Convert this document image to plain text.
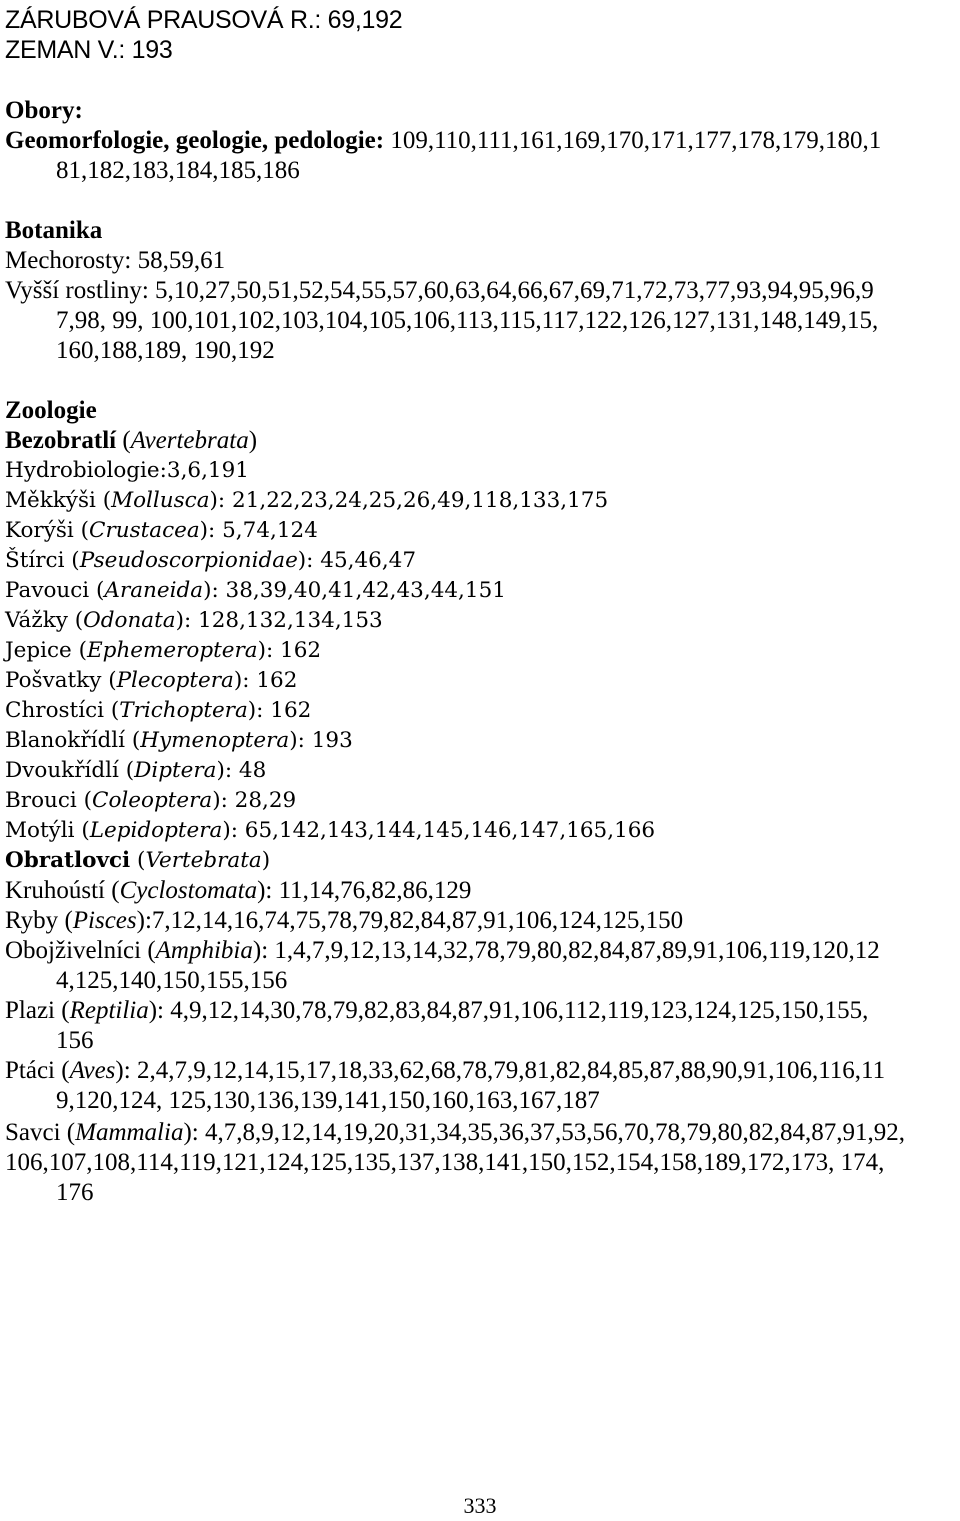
ZÁRUBOVÁ PRAUSOVÁ R.: 69,192
ZEMAN V.: 193
Obory:
Geomorfologie, geologie, pedologie: 109,110,111,161,169,170,171,177,178,179,180,1
81,182,183,184,185,186
Botanika
Mechorosty: 58,59,61
Vyšší rostliny: 5,10,27,50,51,52,54,55,57,60,63,64,66,67,69,71,72,73,77,93,94,95,96,9
7,98, 99, 100,101,102,103,104,105,106,113,115,117,122,126,127,131,148,149,15,
160,188,189, 190,192
Zoologie
Bezobratlí (Avertebrata)
Hydrobiologie:3,6,191
Měkkýši (Mollusca): 21,22,23,24,25,26,49,118,133,175
Korýši (Crustacea): 5,74,124
Štírci (Pseudoscorpionidae): 45,46,47
Pavouci (Araneida): 38,39,40,41,42,43,44,151
Vážky (Odonata): 128,132,134,153
Jepice (Ephemeroptera): 162
Pošvatky (Plecoptera): 162
Chrostíci (Trichoptera): 162
Blanokřídlí (Hymenoptera): 193
Dvoukřídlí (Diptera): 48
Brouci (Coleoptera): 28,29
Motýli (Lepidoptera): 65,142,143,144,145,146,147,165,166
Obratlovci (Vertebrata)
Kruhoústí (Cyclostomata): 11,14,76,82,86,129
Ryby (Pisces):7,12,14,16,74,75,78,79,82,84,87,91,106,124,125,150
Obojživelníci (Amphibia): 1,4,7,9,12,13,14,32,78,79,80,82,84,87,89,91,106,119,120,12
4,125,140,150,155,156
Plazi (Reptilia): 4,9,12,14,30,78,79,82,83,84,87,91,106,112,119,123,124,125,150,155,
156
Ptáci (Aves): 2,4,7,9,12,14,15,17,18,33,62,68,78,79,81,82,84,85,87,88,90,91,106,116,11
9,120,124, 125,130,136,139,141,150,160,163,167,187
Savci (Mammalia): 4,7,8,9,12,14,19,20,31,34,35,36,37,53,56,70,78,79,80,82,84,87,91,92,
106,107,108,114,119,121,124,125,135,137,138,141,150,152,154,158,189,172,173, 174,
176
333
